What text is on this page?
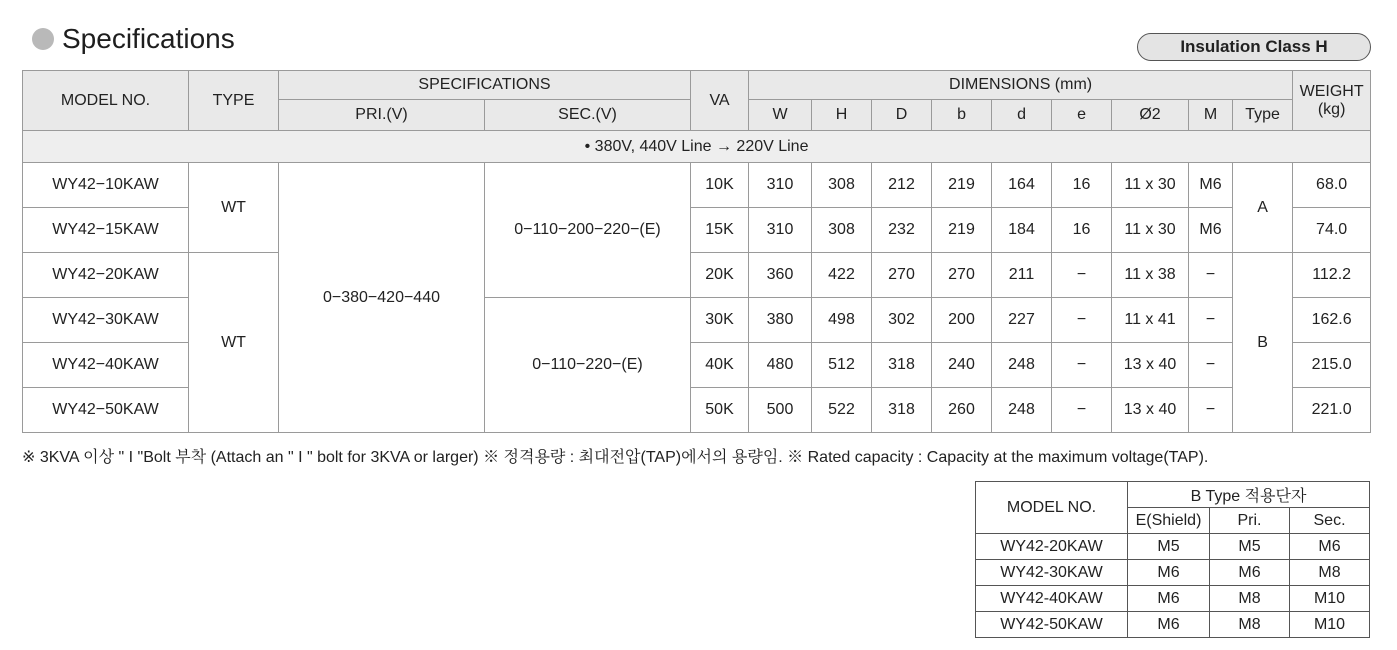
Specifications	Insulation Class H
MODEL NO.	TYPE	SPECIFICATIONS		VA	DIMENSIONS (mm)									WEIGHT
(kg)
		PRI.(V)	SEC.(V)		W	H	D	b	d	e	Ø2	M	Type	
• 380V, 440V Line → 220V Line														
WY42−10KAW	WT	0−380−420−440	0−110−200−220−(E)	10K	310	308	212	219	164	16	11 x 30	M6	A	68.0
WY42−15KAW				15K	310	308	232	219	184	16	11 x 30	M6		74.0
WY42−20KAW	WT			20K	360	422	270	270	211	−	11 x 38	−	B	112.2
WY42−30KAW			0−110−220−(E)	30K	380	498	302	200	227	−	11 x 41	−		162.6
WY42−40KAW				40K	480	512	318	240	248	−	13 x 40	−		215.0
WY42−50KAW				50K	500	522	318	260	248	−	13 x 40	−		221.0
※ 3KVA 이상 " I "Bolt 부착 (Attach an " I " bolt for 3KVA or larger) ※ 정격용량 : 최대전압(TAP)에서의 용량임. ※ Rated capacity : Capacity at the maximum voltage(TAP).
MODEL NO.	B Type 적용단자		
	E(Shield)	Pri.	Sec.
WY42-20KAW	M5	M5	M6
WY42-30KAW	M6	M6	M8
WY42-40KAW	M6	M8	M10
WY42-50KAW	M6	M8	M10
